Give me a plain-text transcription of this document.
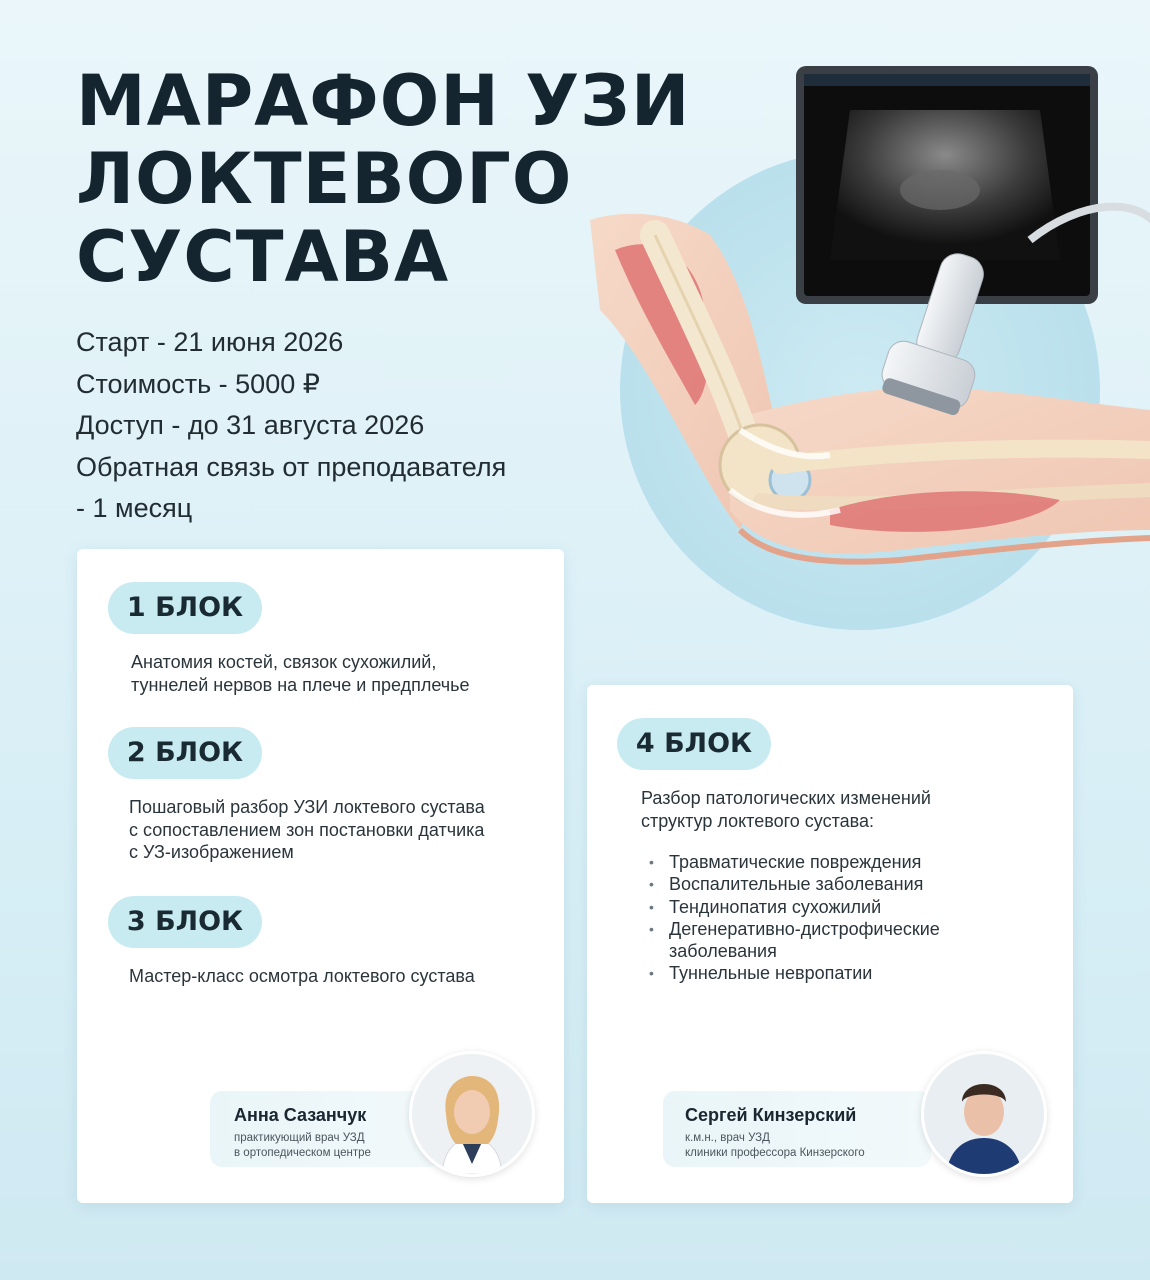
МАРАФОН УЗИ
ЛОКТЕВОГО
СУСТАВА

Старт - 21 июня 2026

Стоимость - 5000 ₽

Доступ - до 31 августа 2026

Обратная связь от преподавателя

- 1 месяц

1 БЛОК

Анатомия костей, связок сухожилий,
туннелей нервов на плече и предплечье

2 БЛОК

Пошаговый разбор УЗИ локтевого сустава
с сопоставлением зон постановки датчика
с УЗ-изображением

3 БЛОК

Мастер-класс осмотра локтевого сустава

Анна Сазанчук
практикующий врач УЗД
в ортопедическом центре
4 БЛОК

Разбор патологических изменений
структур локтевого сустава:

• Травматические повреждения
• Воспалительные заболевания
• Тендинопатия сухожилий
• Дегенеративно-дистрофические заболевания
• Туннельные невропатии
Сергей Кинзерский
к.м.н., врач УЗД
клиники профессора Кинзерского
